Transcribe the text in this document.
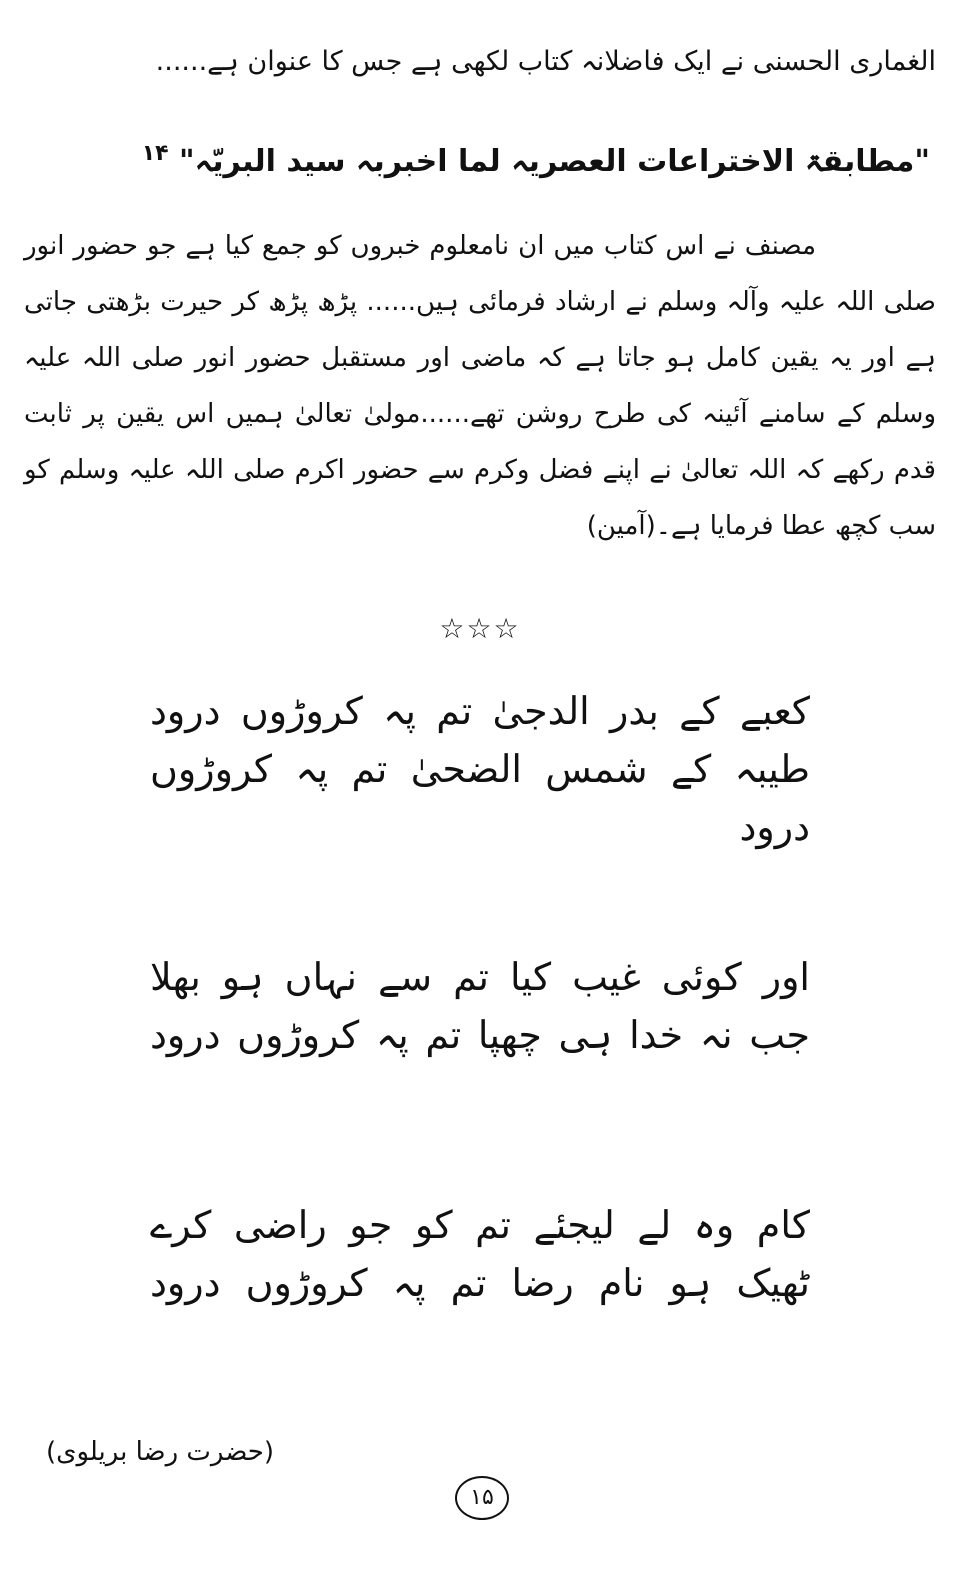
الغماری الحسنی نے ایک فاضلانہ کتاب لکھی ہے جس کا عنوان ہے......

"مطابقۃ الاختراعات العصریہ لما اخبربہ سید البریّہ" $^{۱۴}$

مصنف نے اس کتاب میں ان نامعلوم خبروں کو جمع کیا ہے جو حضور انور صلی اللہ علیہ وآلہ وسلم نے ارشاد فرمائی ہیں...... پڑھ پڑھ کر حیرت بڑھتی جاتی ہے اور یہ یقین کامل ہو جاتا ہے کہ ماضی اور مستقبل حضور انور صلی اللہ علیہ وسلم کے سامنے آئینہ کی طرح روشن تھے......مولیٰ تعالیٰ ہمیں اس یقین پر ثابت قدم رکھے کہ اللہ تعالیٰ نے اپنے فضل وکرم سے حضور اکرم صلی اللہ علیہ وسلم کو سب کچھ عطا فرمایا ہے۔(آمین)

☆☆☆

کعبے کے بدر الدجیٰ تم پہ کروڑوں درود

طیبہ کے شمس الضحیٰ تم پہ کروڑوں درود

اور کوئی غیب کیا تم سے نہاں ہو بھلا

جب نہ خدا ہی چھپا تم پہ کروڑوں درود

کام وہ لے لیجئے تم کو جو راضی کرے

ٹھیک ہو نام رضا تم پہ کروڑوں درود

(حضرت رضا بریلوی)
۱۵
